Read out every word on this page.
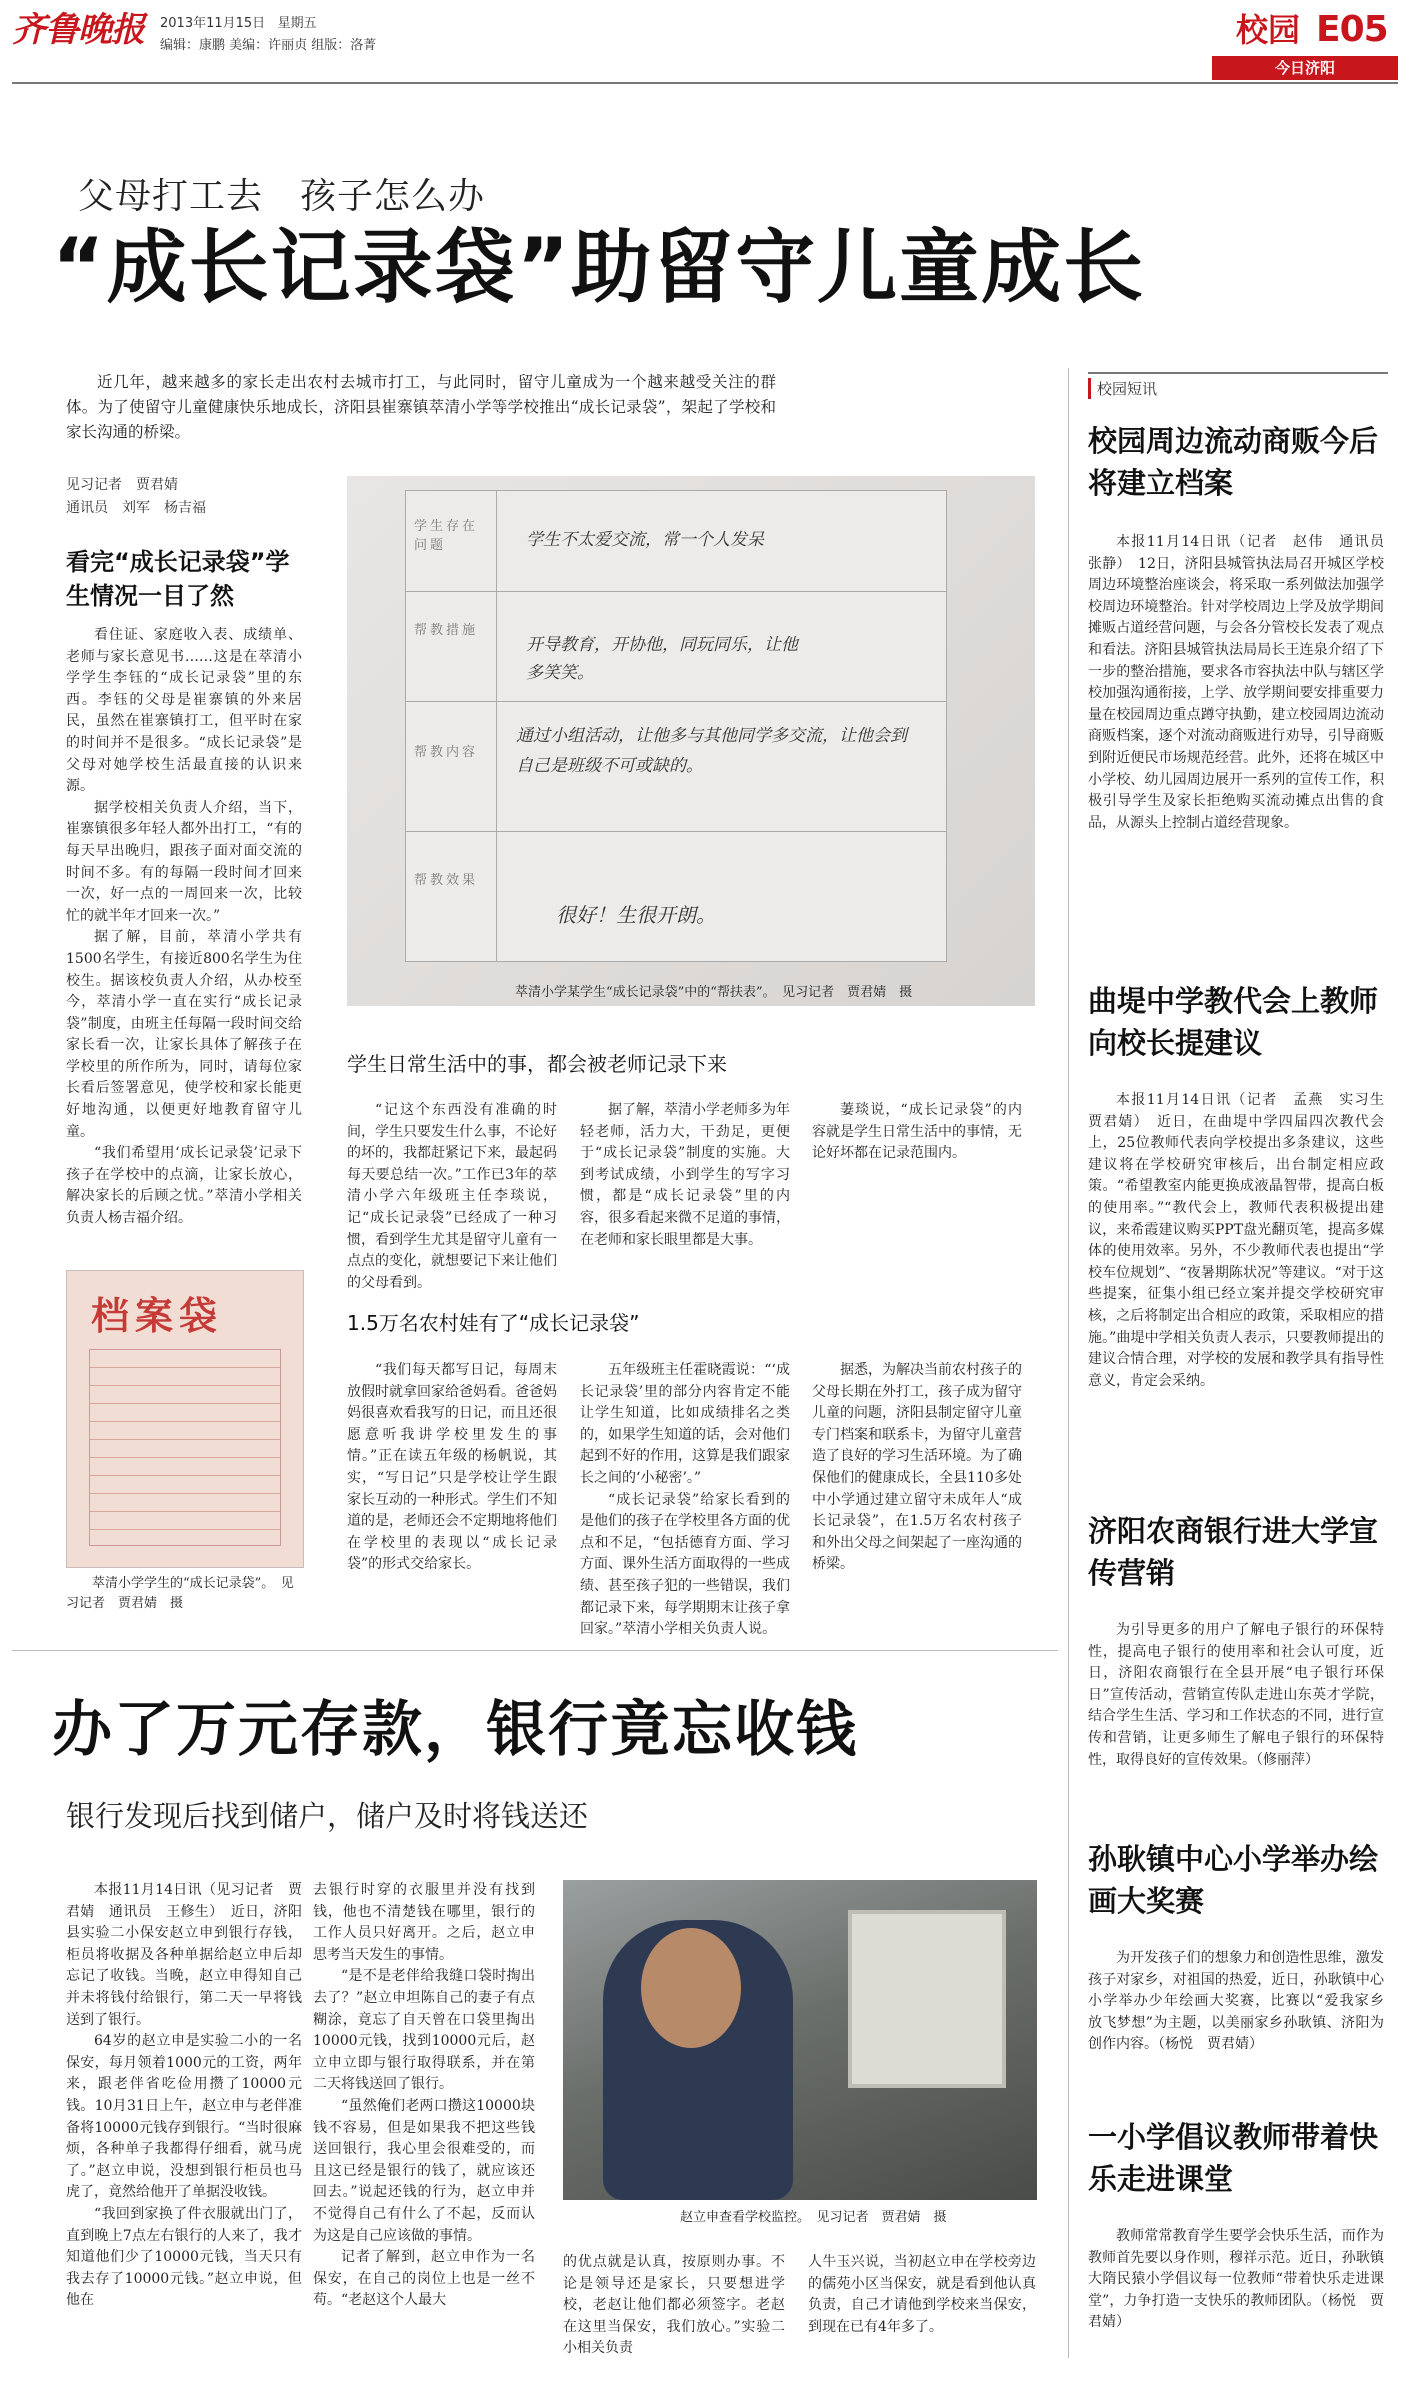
齐鲁晚报 2013年11月15日 星期五
编辑：康鹏 美编：许丽贞 组版：洛菁	校园 E05
今日济阳
父母打工去　孩子怎么办
“成长记录袋”助留守儿童成长
近几年，越来越多的家长走出农村去城市打工，与此同时，留守儿童成为一个越来越受关注的群体。为了使留守儿童健康快乐地成长，济阳县崔寨镇萃清小学等学校推出“成长记录袋”，架起了学校和家长沟通的桥梁。
见习记者　贾君婧
通讯员　刘军　杨吉福
看完“成长记录袋”学生情况一目了然

看住证、家庭收入表、成绩单、老师与家长意见书……这是在萃清小学学生李钰的“成长记录袋”里的东西。李钰的父母是崔寨镇的外来居民，虽然在崔寨镇打工，但平时在家的时间并不是很多。“成长记录袋”是父母对她学校生活最直接的认识来源。

据学校相关负责人介绍，当下，崔寨镇很多年轻人都外出打工，“有的每天早出晚归，跟孩子面对面交流的时间不多。有的每隔一段时间才回来一次，好一点的一周回来一次，比较忙的就半年才回来一次。”

据了解，目前，萃清小学共有1500名学生，有接近800名学生为住校生。据该校负责人介绍，从办校至今，萃清小学一直在实行“成长记录袋”制度，由班主任每隔一段时间交给家长看一次，让家长具体了解孩子在学校里的所作所为，同时，请每位家长看后签署意见，使学校和家长能更好地沟通，以便更好地教育留守儿童。

“我们希望用‘成长记录袋’记录下孩子在学校中的点滴，让家长放心，解决家长的后顾之忧。”萃清小学相关负责人杨吉福介绍。

档案袋
萃清小学学生的“成长记录袋”。　见习记者　贾君婧　摄
学生存在问题
帮教措施
帮教内容
帮教效果
学生不太爱交流，常一个人发呆
开导教育，开协他，同玩同乐，让他多笑笑。
通过小组活动，让他多与其他同学多交流，让他会到自己是班级不可或缺的。
很好！生很开朗。
萃清小学某学生“成长记录袋”中的“帮扶表”。　见习记者　贾君婧　摄
学生日常生活中的事，都会被老师记录下来

“记这个东西没有准确的时间，学生只要发生什么事，不论好的坏的，我都赶紧记下来，最起码每天要总结一次。”工作已3年的萃清小学六年级班主任李琰说，记“成长记录袋”已经成了一种习惯，看到学生尤其是留守儿童有一点点的变化，就想要记下来让他们的父母看到。

据了解，萃清小学老师多为年轻老师，活力大，干劲足，更便于“成长记录袋”制度的实施。大到考试成绩，小到学生的写字习惯，都是“成长记录袋”里的内容，很多看起来微不足道的事情，在老师和家长眼里都是大事。

萋琰说，“成长记录袋”的内容就是学生日常生活中的事情，无论好坏都在记录范围内。

1.5万名农村娃有了“成长记录袋”

“我们每天都写日记，每周末放假时就拿回家给爸妈看。爸爸妈妈很喜欢看我写的日记，而且还很愿意听我讲学校里发生的事情。”正在读五年级的杨帆说，其实，“写日记”只是学校让学生跟家长互动的一种形式。学生们不知道的是，老师还会不定期地将他们在学校里的表现以“成长记录袋”的形式交给家长。

五年级班主任霍晓霞说：“‘成长记录袋’里的部分内容肯定不能让学生知道，比如成绩排名之类的，如果学生知道的话，会对他们起到不好的作用，这算是我们跟家长之间的‘小秘密’。”

“成长记录袋”给家长看到的是他们的孩子在学校里各方面的优点和不足，“包括德育方面、学习方面、课外生活方面取得的一些成绩、甚至孩子犯的一些错误，我们都记录下来，每学期期末让孩子拿回家。”萃清小学相关负责人说。

据悉，为解决当前农村孩子的父母长期在外打工，孩子成为留守儿童的问题，济阳县制定留守儿童专门档案和联系卡，为留守儿童营造了良好的学习生活环境。为了确保他们的健康成长，全县110多处中小学通过建立留守未成年人“成长记录袋”，在1.5万名农村孩子和外出父母之间架起了一座沟通的桥梁。

校园短讯
校园周边流动商贩今后将建立档案

本报11月14日讯（记者　赵伟　通讯员　张静）　12日，济阳县城管执法局召开城区学校周边环境整治座谈会，将采取一系列做法加强学校周边环境整治。针对学校周边上学及放学期间摊贩占道经营问题，与会各分管校长发表了观点和看法。济阳县城管执法局局长王连泉介绍了下一步的整治措施，要求各市容执法中队与辖区学校加强沟通衔接，上学、放学期间要安排重要力量在校园周边重点蹲守执勤，建立校园周边流动商贩档案，逐个对流动商贩进行劝导，引导商贩到附近便民市场规范经营。此外，还将在城区中小学校、幼儿园周边展开一系列的宣传工作，积极引导学生及家长拒绝购买流动摊点出售的食品，从源头上控制占道经营现象。

曲堤中学教代会上教师向校长提建议

本报11月14日讯（记者　孟燕　实习生　贾君婧）　近日，在曲堤中学四届四次教代会上，25位教师代表向学校提出多条建议，这些建议将在学校研究审核后，出台制定相应政策。“希望教室内能更换成液晶智带，提高白板的使用率。”“教代会上，教师代表积极提出建议，来希霞建议购买PPT盘光翻页笔，提高多媒体的使用效率。另外，不少教师代表也提出“学校车位规划”、“夜暑期陈状况”等建议。“对于这些提案，征集小组已经立案并提交学校研究审核，之后将制定出合相应的政策，采取相应的措施。”曲堤中学相关负责人表示，只要教师提出的建议合情合理，对学校的发展和教学具有指导性意义，肯定会采纳。

济阳农商银行进大学宣传营销

为引导更多的用户了解电子银行的环保特性，提高电子银行的使用率和社会认可度，近日，济阳农商银行在全县开展“电子银行环保日”宣传活动，营销宣传队走进山东英才学院，结合学生生活、学习和工作状态的不同，进行宣传和营销，让更多师生了解电子银行的环保特性，取得良好的宣传效果。（修丽萍）

孙耿镇中心小学举办绘画大奖赛

为开发孩子们的想象力和创造性思维，激发孩子对家乡，对祖国的热爱，近日，孙耿镇中心小学举办少年绘画大奖赛，比赛以“爱我家乡　放飞梦想”为主题，以美丽家乡孙耿镇、济阳为创作内容。（杨悦　贾君婧）

一小学倡议教师带着快乐走进课堂

教师常常教育学生要学会快乐生活，而作为教师首先要以身作则，穆祥示范。近日，孙耿镇大隋民猿小学倡议每一位教师“带着快乐走进课堂”，力争打造一支快乐的教师团队。（杨悦　贾君婧）

办了万元存款，银行竟忘收钱
银行发现后找到储户，储户及时将钱送还

本报11月14日讯（见习记者　贾君婧　通讯员　王修生）　近日，济阳县实验二小保安赵立申到银行存钱，柜员将收据及各种单据给赵立申后却忘记了收钱。当晚，赵立申得知自己并未将钱付给银行，第二天一早将钱送到了银行。

64岁的赵立申是实验二小的一名保安，每月领着1000元的工资，两年来，跟老伴省吃俭用攒了10000元钱。10月31日上午，赵立申与老伴准备将10000元钱存到银行。“当时很麻烦，各种单子我都得仔细看，就马虎了。”赵立申说，没想到银行柜员也马虎了，竟然给他开了单据没收钱。

“我回到家换了件衣服就出门了，直到晚上7点左右银行的人来了，我才知道他们少了10000元钱，当天只有我去存了10000元钱。”赵立申说，但他在

去银行时穿的衣服里并没有找到钱，他也不清楚钱在哪里，银行的工作人员只好离开。之后，赵立申思考当天发生的事情。

“是不是老伴给我缝口袋时掏出去了？”赵立申坦陈自己的妻子有点糊涂，竟忘了自天曾在口袋里掏出10000元钱，找到10000元后，赵立申立即与银行取得联系，并在第二天将钱送回了银行。

“虽然俺们老两口攒这10000块钱不容易，但是如果我不把这些钱送回银行，我心里会很难受的，而且这已经是银行的钱了，就应该还回去。”说起还钱的行为，赵立申并不觉得自己有什么了不起，反而认为这是自己应该做的事情。

记者了解到，赵立申作为一名保安，在自己的岗位上也是一丝不苟。“老赵这个人最大

赵立申查看学校监控。　见习记者　贾君婧　摄

的优点就是认真，按原则办事。不论是领导还是家长，只要想进学校，老赵让他们都必须签字。老赵在这里当保安，我们放心。”实验二小相关负责

人牛玉兴说，当初赵立申在学校旁边的儒苑小区当保安，就是看到他认真负责，自己才请他到学校来当保安，到现在已有4年多了。
